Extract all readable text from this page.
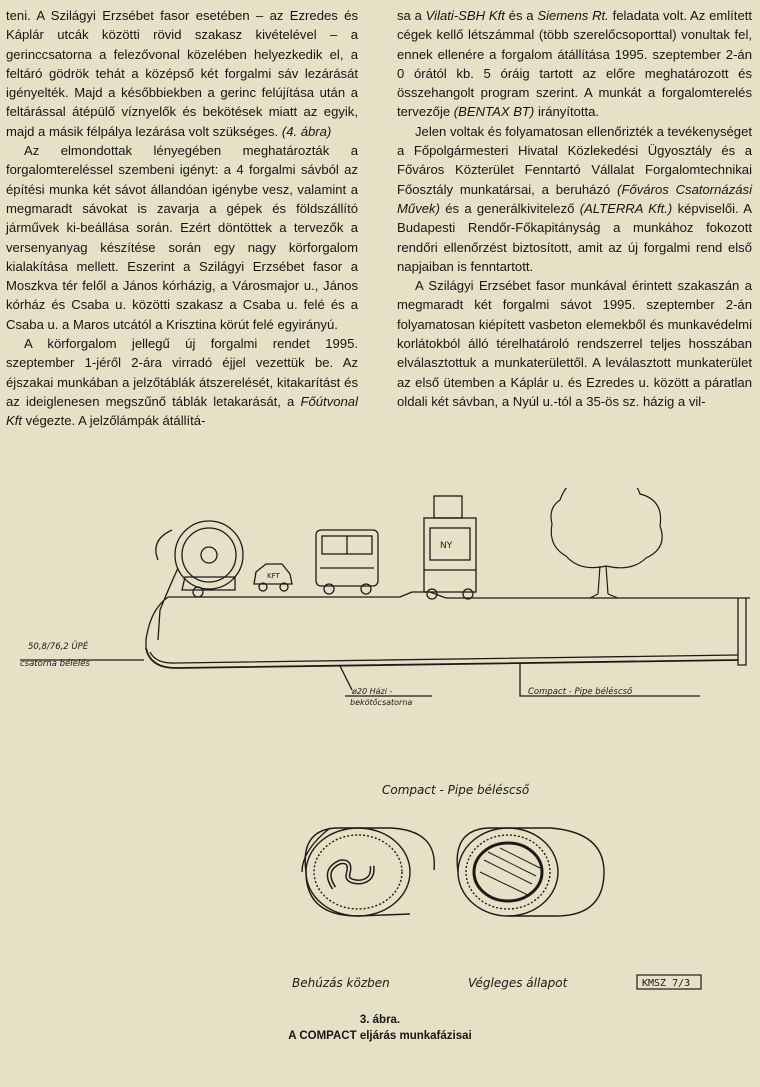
teni. A Szilágyi Erzsébet fasor esetében – az Ezredes és Káplár utcák közötti rövid szakasz kivételével – a gerinccsatorna a felezővonal közelében helyezkedik el, a feltáró gödrök tehát a középső két forgalmi sáv lezárását igényelték. Majd a későbbiekben a gerinc felújítása után a feltárással átépülő víznyelők és bekötések miatt az egyik, majd a másik félpálya lezárása volt szükséges. (4. ábra)

Az elmondottak lényegében meghatározták a forgalomtereléssel szembeni igényt: a 4 forgalmi sávból az építési munka két sávot állandóan igénybe vesz, valamint a megmaradt sávokat is zavarja a gépek és földszállító járművek ki-beállása során. Ezért döntöttek a tervezők a versenyanyag készítése során egy nagy körforgalom kialakítása mellett. Eszerint a Szilágyi Erzsébet fasor a Moszkva tér felől a János kórházig, a Városmajor u., János kórház és Csaba u. közötti szakasz a Csaba u. felé és a Csaba u. a Maros utcától a Krisztina körút felé egyirányú.

A körforgalom jellegű új forgalmi rendet 1995. szeptember 1-jéről 2-ára virradó éjjel vezettük be. Az éjszakai munkában a jelzőtáblák átszerelését, kitakarítást és az ideiglenesen megszűnő táblák letakarását, a Főútvonal Kft végezte. A jelzőlámpák átállítá-

sa a Vilati-SBH Kft és a Siemens Rt. feladata volt. Az említett cégek kellő létszámmal (több szerelőcsoporttal) vonultak fel, ennek ellenére a forgalom átállítása 1995. szeptember 2-án 0 órától kb. 5 óráig tartott az előre meghatározott és összehangolt program szerint. A munkát a forgalomterelés tervezője (BENTAX BT) irányította.

Jelen voltak és folyamatosan ellenőrizték a tevékenységet a Főpolgármesteri Hivatal Közlekedési Ügyosztály és a Főváros Közterület Fenntartó Vállalat Forgalomtechnikai Főosztály munkatársai, a beruházó (Főváros Csatornázási Művek) és a generálkivitelező (ALTERRA Kft.) képviselői. A Budapesti Rendőr-Főkapitányság a munkához fokozott rendőri ellenőrzést biztosított, amit az új forgalmi rend első napjaiban is fenntartott.

A Szilágyi Erzsébet fasor munkával érintett szakaszán a megmaradt két forgalmi sávot 1995. szeptember 2-án folyamatosan kiépített vasbeton elemekből és munkavédelmi korlátokból álló térelhatároló rendszerrel teljes hosszában elválasztottuk a munkaterülettől. A leválasztott munkaterület az első ütemben a Káplár u. és Ezredes u. között a páratlan oldali két sávban, a Nyúl u.-tól a 35-ös sz. házig a vil-

KFT
NY
50,8/76,2 ÜPÉ
csatorna bélelés
ø20 Házi -
bekötőcsatorna
Compact - Pipe béléscső
Compact - Pipe béléscső
Behúzás közben	Végleges állapot	KMSZ 7/3
3. ábra.
A COMPACT eljárás munkafázisai
